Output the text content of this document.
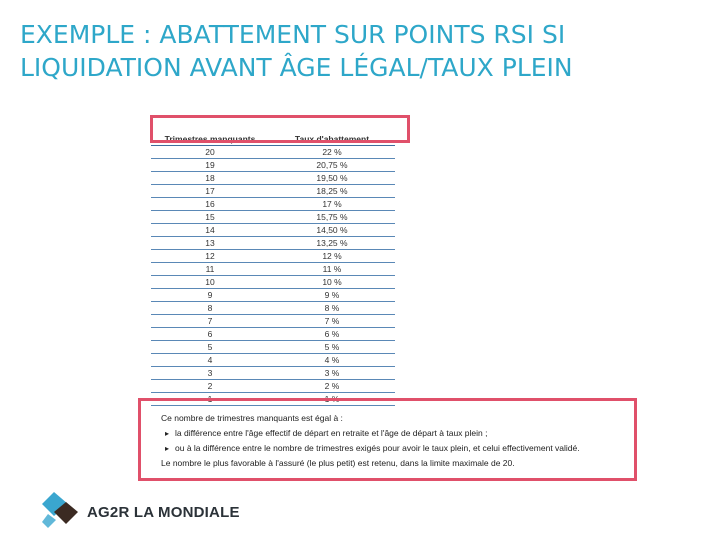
EXEMPLE : ABATTEMENT SUR POINTS RSI SI
LIQUIDATION AVANT ÂGE LÉGAL/TAUX PLEIN
Trimestres manquants	Taux d'abattement
20	22 %
19	20,75 %
18	19,50 %
17	18,25 %
16	17 %
15	15,75 %
14	14,50 %
13	13,25 %
12	12 %
11	11 %
10	10 %
9	9 %
8	8 %
7	7 %
6	6 %
5	5 %
4	4 %
3	3 %
2	2 %
1	1 %

Ce nombre de trimestres manquants est égal à :

▸ la différence entre l'âge effectif de départ en retraite et l'âge de départ à taux plein ;

▸ ou à la différence entre le nombre de trimestres exigés pour avoir le taux plein, et celui effectivement validé.

Le nombre le plus favorable à l'assuré (le plus petit) est retenu, dans la limite maximale de 20.

AG2R LA MONDIALE
